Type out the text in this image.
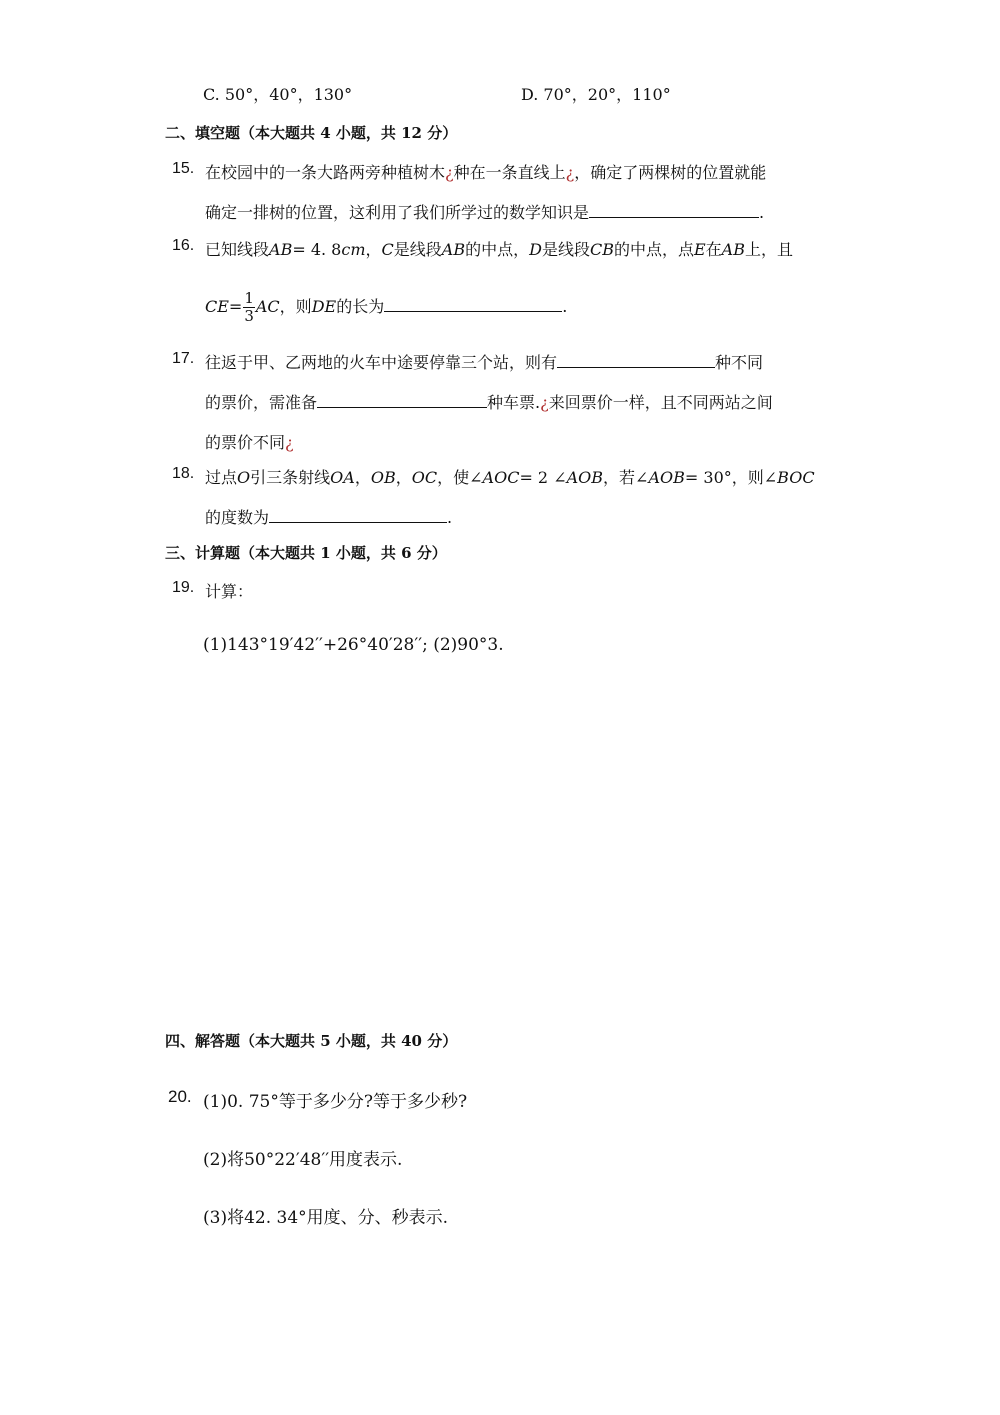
C. 50°，40°，130°	D. 70°，20°，110°
二、填空题（本大题共 4 小题，共 12 分）
15. 在校园中的一条大路两旁种植树木¿种在一条直线上¿，确定了两棵树的位置就能
确定一排树的位置，这利用了我们所学过的数学知识是	.
16. 已知线段AB= 4. 8cm，C是线段AB的中点，D是线段CB的中点，点E在AB上，且
$CE= \frac{1}{3}$ AC，则DE的长为	.
17. 往返于甲、乙两地的火车中途要停靠三个站，则有	种不同
的票价，需准备	种车票.¿来回票价一样，且不同两站之间
的票价不同¿
18. 过点O引三条射线OA，OB，OC，使∠AOC= 2 ∠AOB，若∠AOB= 30°，则∠BOC
的度数为	.
三、计算题（本大题共 1 小题，共 6 分）
19. 计算：
(1)143°19′42′′+26°40′28′′; (2)90°3.
四、解答题（本大题共 5 小题，共 40 分）
20. (1)0. 75°等于多少分?等于多少秒?
(2)将50°22′48′′用度表示.
(3)将42. 34°用度、分、秒表示.
